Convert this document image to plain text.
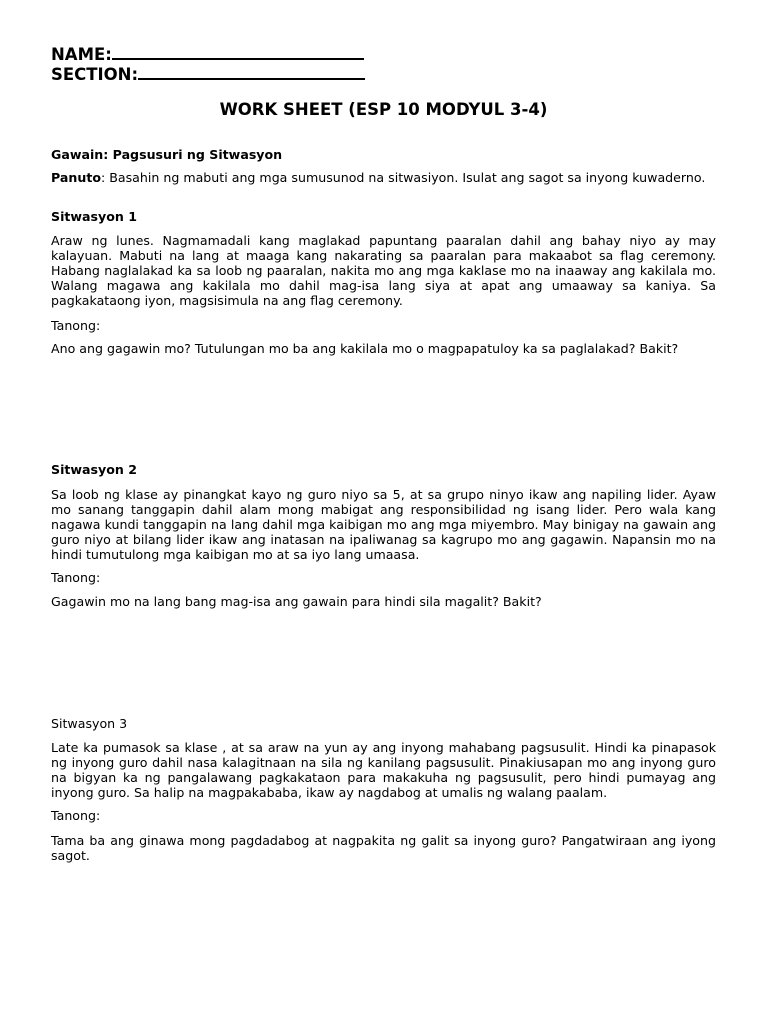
NAME:
SECTION:
WORK SHEET (ESP 10 MODYUL 3-4)
Gawain: Pagsusuri ng Sitwasyon
Panuto: Basahin ng mabuti ang mga sumusunod na sitwasiyon. Isulat ang sagot sa inyong kuwaderno.
Sitwasyon 1
Araw ng lunes. Nagmamadali kang maglakad papuntang paaralan dahil ang bahay niyo ay may kalayuan. Mabuti na lang at maaga kang nakarating sa paaralan para makaabot sa flag ceremony. Habang naglalakad ka sa loob ng paaralan, nakita mo ang mga kaklase mo na inaaway ang kakilala mo. Walang magawa ang kakilala mo dahil mag-isa lang siya at apat ang umaaway sa kaniya. Sa pagkakataong iyon, magsisimula na ang flag ceremony.
Tanong:
Ano ang gagawin mo? Tutulungan mo ba ang kakilala mo o magpapatuloy ka sa paglalakad? Bakit?
Sitwasyon 2
Sa loob ng klase ay pinangkat kayo ng guro niyo sa 5, at sa grupo ninyo ikaw ang napiling lider. Ayaw mo sanang tanggapin dahil alam mong mabigat ang responsibilidad ng isang lider. Pero wala kang nagawa kundi tanggapin na lang dahil mga kaibigan mo ang mga miyembro. May binigay na gawain ang guro niyo at bilang lider ikaw ang inatasan na ipaliwanag sa kagrupo mo ang gagawin. Napansin mo na hindi tumutulong mga kaibigan mo at sa iyo lang umaasa.
Tanong:
Gagawin mo na lang bang mag-isa ang gawain para hindi sila magalit? Bakit?
Sitwasyon 3
Late ka pumasok sa klase , at sa araw na yun ay ang inyong mahabang pagsusulit. Hindi ka pinapasok ng inyong guro dahil nasa kalagitnaan na sila ng kanilang pagsusulit. Pinakiusapan mo ang inyong guro na bigyan ka ng pangalawang pagkakataon para makakuha ng pagsusulit, pero hindi pumayag ang inyong guro. Sa halip na magpakababa, ikaw ay nagdabog at umalis ng walang paalam.
Tanong:
Tama ba ang ginawa mong pagdadabog at nagpakita ng galit sa inyong guro? Pangatwiraan ang iyong sagot.
